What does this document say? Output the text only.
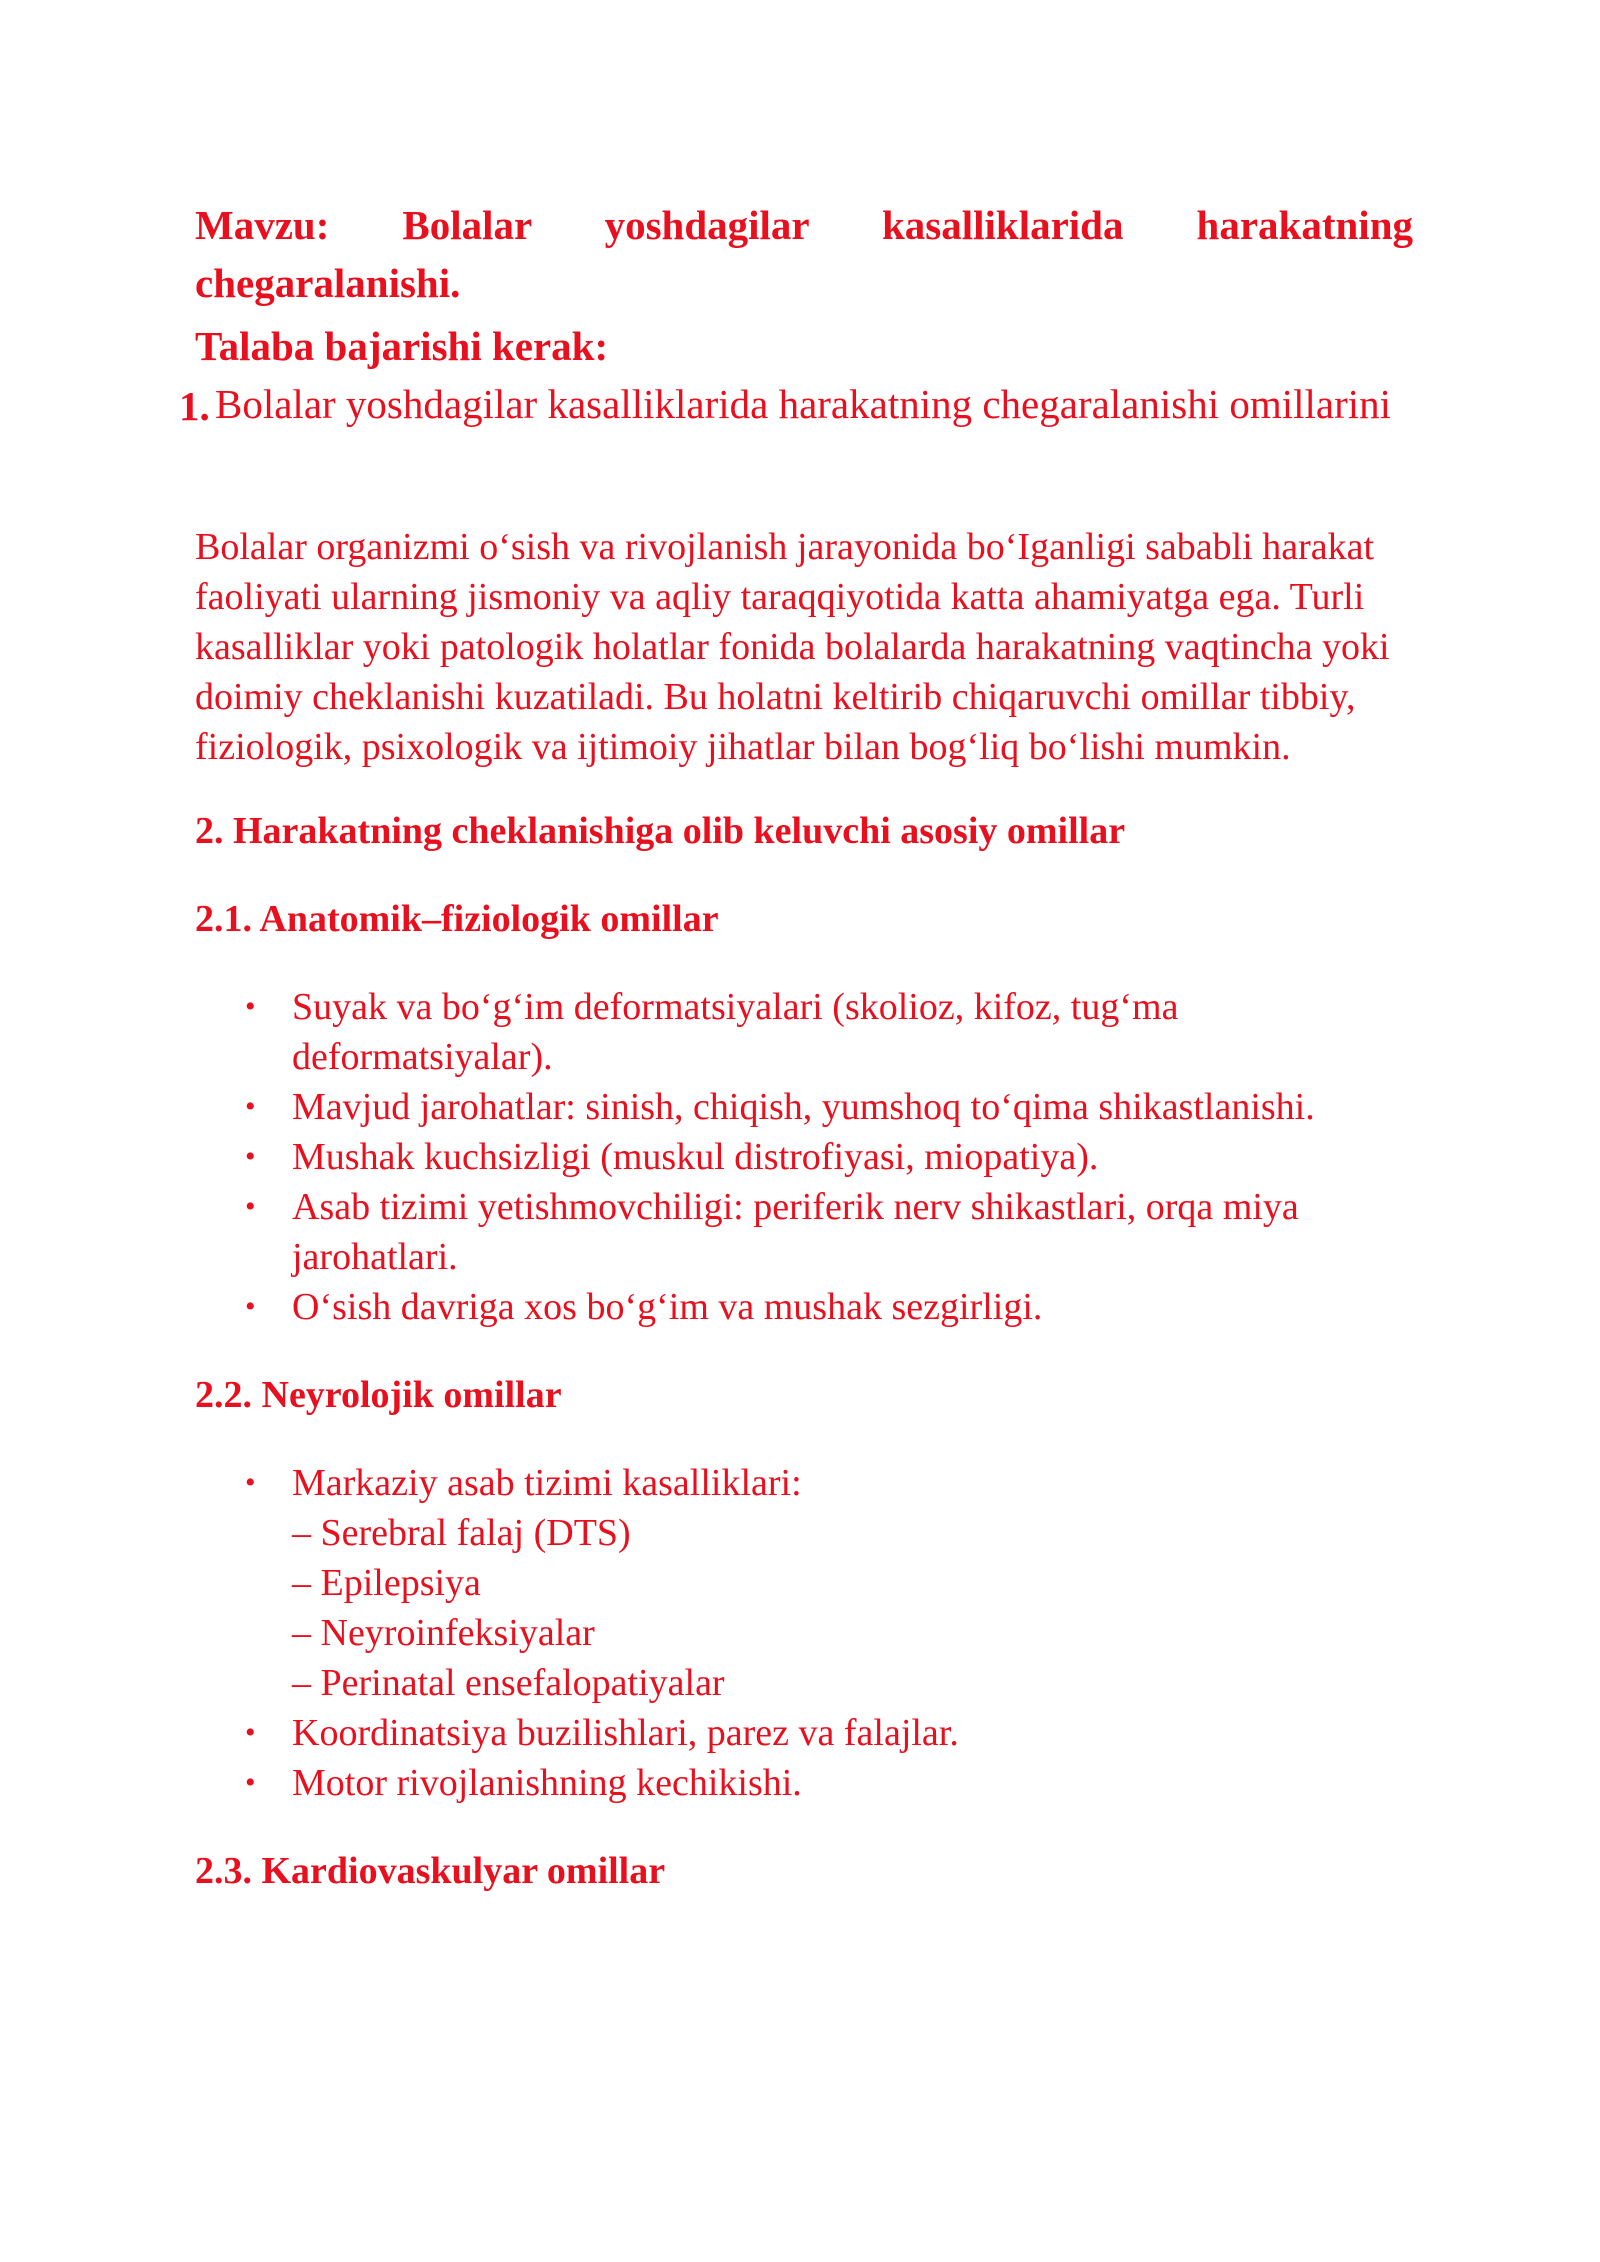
Mavzu: Bolalar yoshdagilar kasalliklarida harakatning chegaralanishi.

Talaba bajarishi kerak:

1. Bolalar yoshdagilar kasalliklarida harakatning chegaralanishi omillarini

Bolalar organizmi o‘sish va rivojlanish jarayonida bo‘Iganligi sababli harakat faoliyati ularning jismoniy va aqliy taraqqiyotida katta ahamiyatga ega. Turli kasalliklar yoki patologik holatlar fonida bolalarda harakatning vaqtincha yoki doimiy cheklanishi kuzatiladi. Bu holatni keltirib chiqaruvchi omillar tibbiy, fiziologik, psixologik va ijtimoiy jihatlar bilan bog‘liq bo‘lishi mumkin.

2. Harakatning cheklanishiga olib keluvchi asosiy omillar

2.1. Anatomik–fiziologik omillar

• Suyak va bo‘g‘im deformatsiyalari (skolioz, kifoz, tug‘ma deformatsiyalar).
• Mavjud jarohatlar: sinish, chiqish, yumshoq to‘qima shikastlanishi.
• Mushak kuchsizligi (muskul distrofiyasi, miopatiya).
• Asab tizimi yetishmovchiligi: periferik nerv shikastlari, orqa miya jarohatlari.
• O‘sish davriga xos bo‘g‘im va mushak sezgirligi.

2.2. Neyrolojik omillar

• Markaziy asab tizimi kasalliklari:
– Serebral falaj (DTS)
– Epilepsiya
– Neyroinfeksiyalar
– Perinatal ensefalopatiyalar
• Koordinatsiya buzilishlari, parez va falajlar.
• Motor rivojlanishning kechikishi.

2.3. Kardiovaskulyar omillar
